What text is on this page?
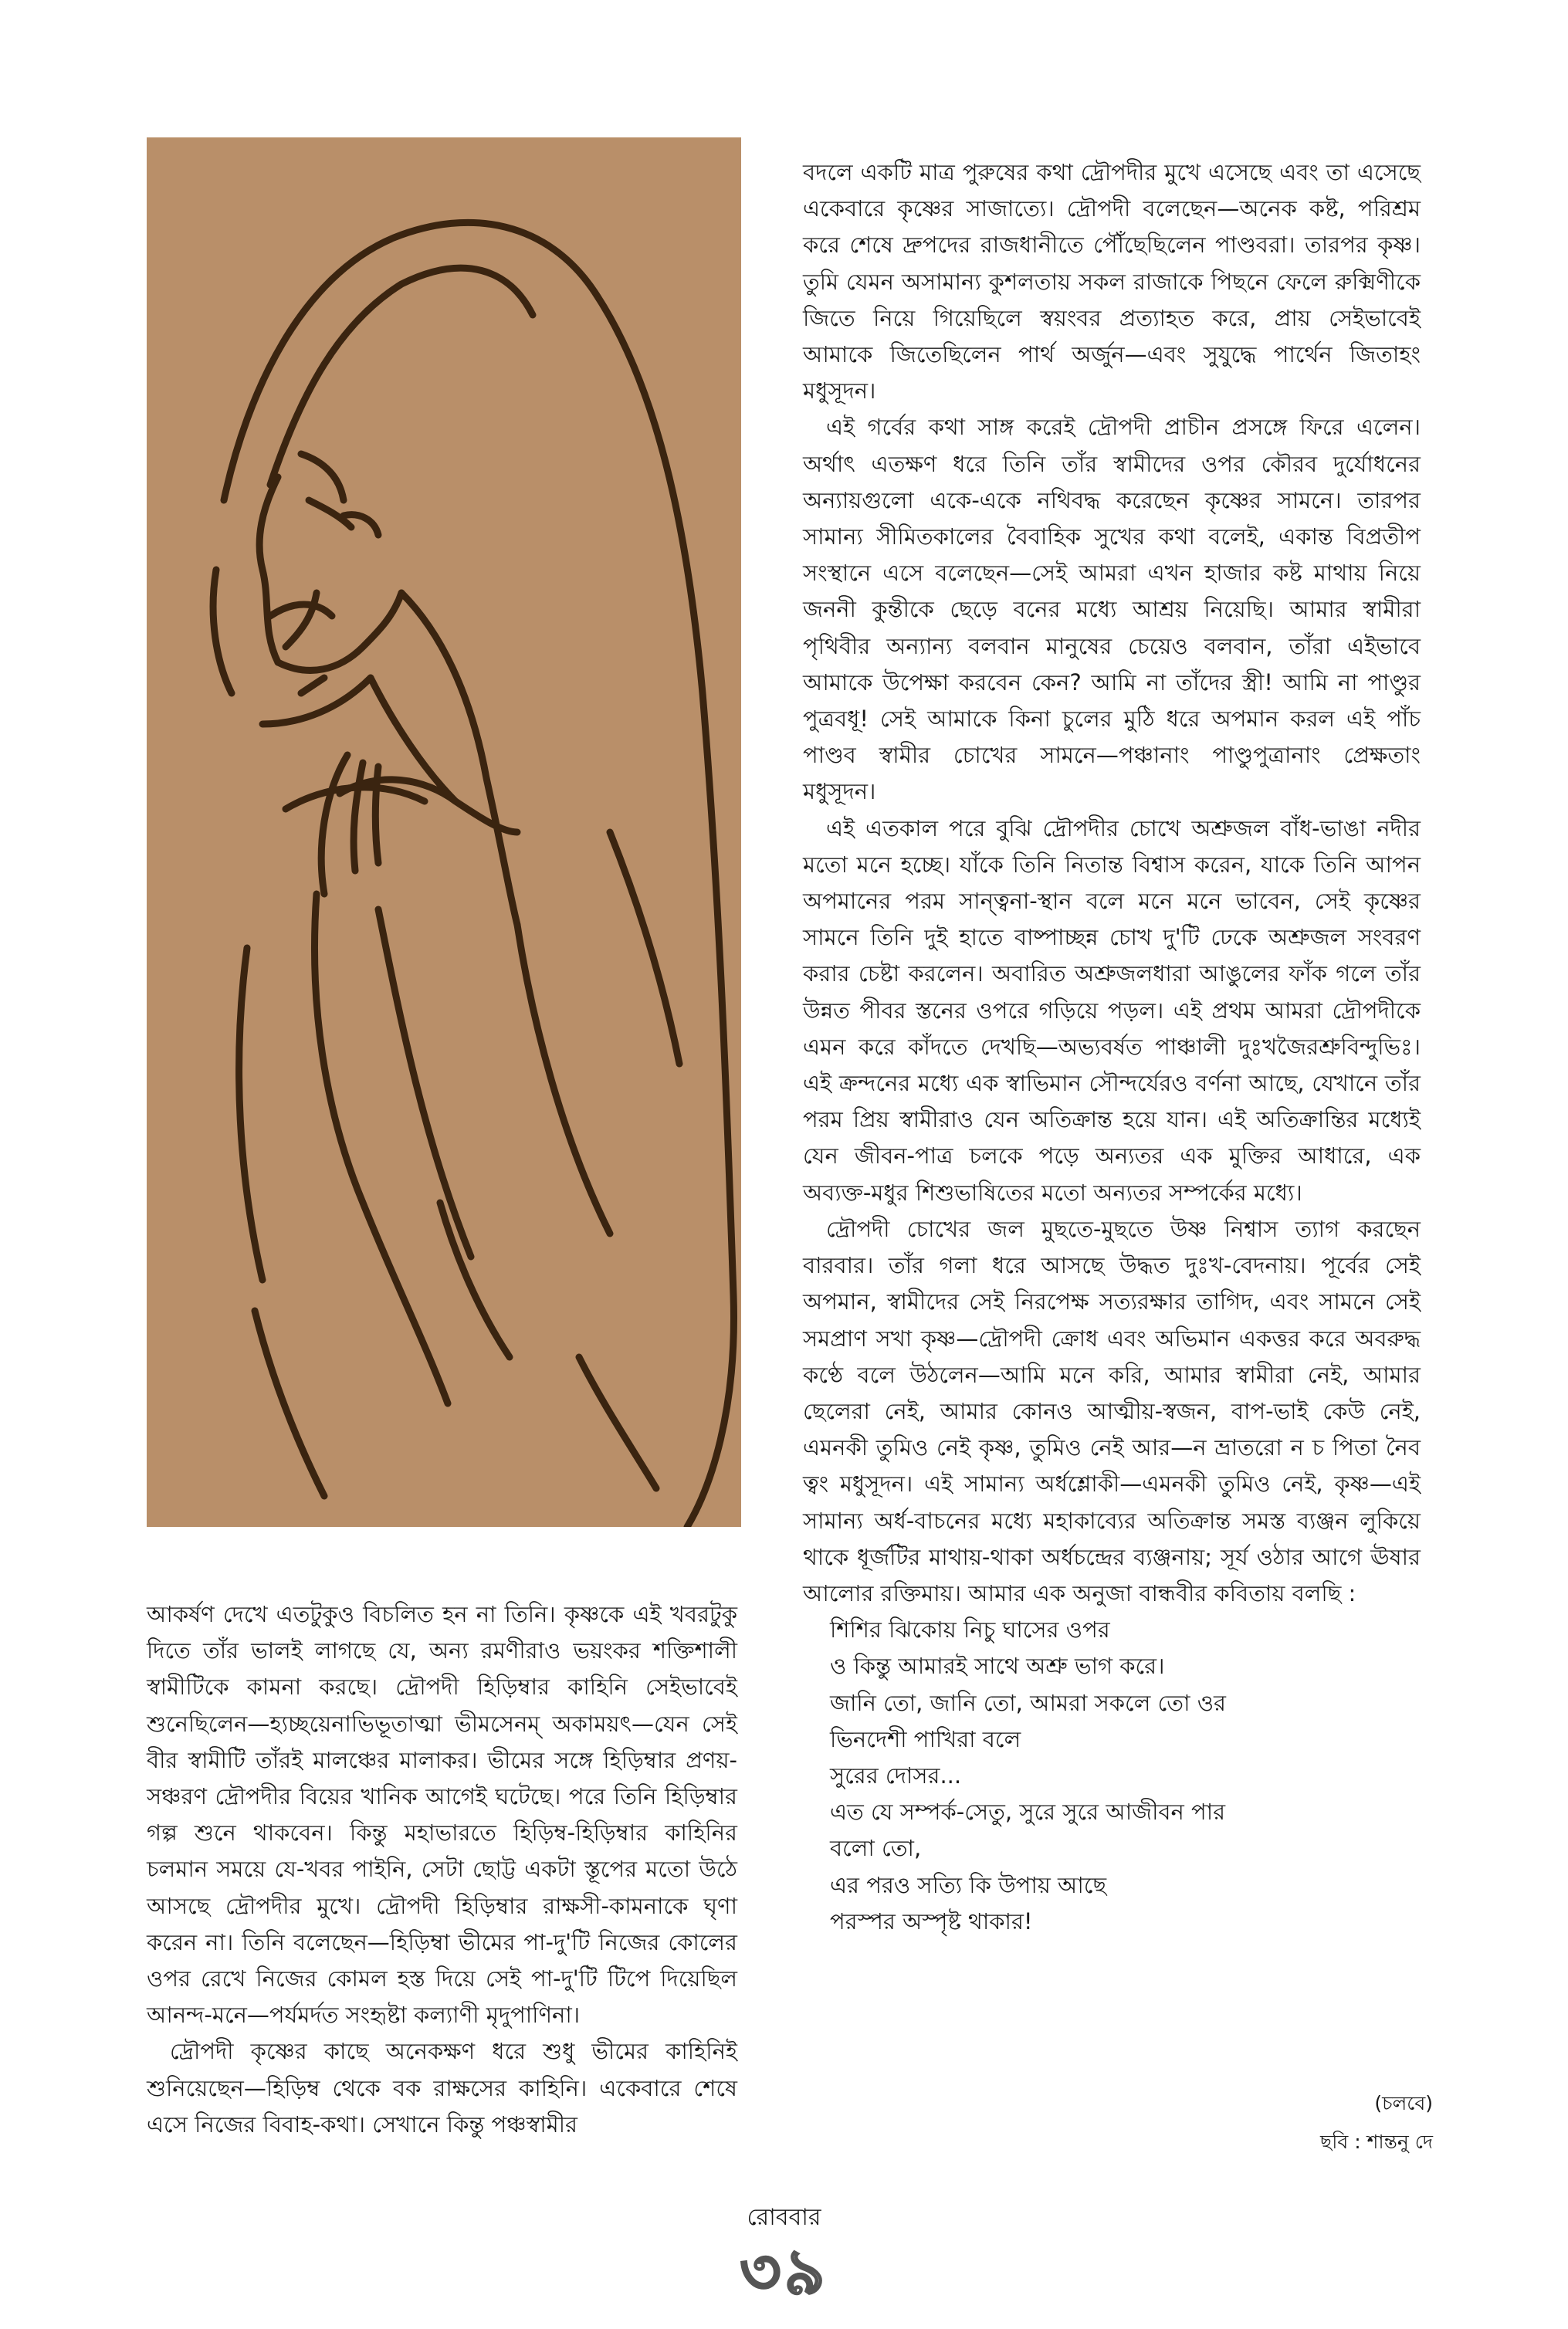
আকর্ষণ দেখে এতটুকুও বিচলিত হন না তিনি। কৃষ্ণকে এই খবরটুকু দিতে তাঁর ভালই লাগছে যে, অন্য রমণীরাও ভয়ংকর শক্তিশালী স্বামীটিকে কামনা করছে। দ্রৌপদী হিড়িম্বার কাহিনি সেইভাবেই শুনেছিলেন—হ্যচ্ছয়েনাভিভূতাত্মা ভীমসেনম্‌ অকাময়ৎ—যেন সেই বীর স্বামীটি তাঁরই মালঞ্চের মালাকর। ভীমের সঙ্গে হিড়িম্বার প্রণয়-সঞ্চরণ দ্রৌপদীর বিয়ের খানিক আগেই ঘটেছে। পরে তিনি হিড়িম্বার গল্প শুনে থাকবেন। কিন্তু মহাভারতে হিড়িম্ব-হিড়িম্বার কাহিনির চলমান সময়ে যে-খবর পাইনি, সেটা ছোট্ট একটা স্তূপের মতো উঠে আসছে দ্রৌপদীর মুখে। দ্রৌপদী হিড়িম্বার রাক্ষসী-কামনাকে ঘৃণা করেন না। তিনি বলেছেন—হিড়িম্বা ভীমের পা-দু'টি নিজের কোলের ওপর রেখে নিজের কোমল হস্ত দিয়ে সেই পা-দু'টি টিপে দিয়েছিল আনন্দ-মনে—পর্যমর্দত সংহৃষ্টা কল্যাণী মৃদুপাণিনা।

দ্রৌপদী কৃষ্ণের কাছে অনেকক্ষণ ধরে শুধু ভীমের কাহিনিই শুনিয়েছেন—হিড়িম্ব থেকে বক রাক্ষসের কাহিনি। একেবারে শেষে এসে নিজের বিবাহ-কথা। সেখানে কিন্তু পঞ্চস্বামীর

বদলে একটি মাত্র পুরুষের কথা দ্রৌপদীর মুখে এসেছে এবং তা এসেছে একেবারে কৃষ্ণের সাজাত্যে। দ্রৌপদী বলেছেন—অনেক কষ্ট, পরিশ্রম করে শেষে দ্রুপদের রাজধানীতে পৌঁছেছিলেন পাণ্ডবরা। তারপর কৃষ্ণ। তুমি যেমন অসামান্য কুশলতায় সকল রাজাকে পিছনে ফেলে রুক্মিণীকে জিতে নিয়ে গিয়েছিলে স্বয়ংবর প্রত্যাহত করে, প্রায় সেইভাবেই আমাকে জিতেছিলেন পার্থ অর্জুন—এবং সুযুদ্ধে পার্থেন জিতাহং মধুসূদন।

এই গর্বের কথা সাঙ্গ করেই দ্রৌপদী প্রাচীন প্রসঙ্গে ফিরে এলেন। অর্থাৎ এতক্ষণ ধরে তিনি তাঁর স্বামীদের ওপর কৌরব দুর্যোধনের অন্যায়গুলো একে-একে নথিবদ্ধ করেছেন কৃষ্ণের সামনে। তারপর সামান্য সীমিতকালের বৈবাহিক সুখের কথা বলেই, একান্ত বিপ্রতীপ সংস্থানে এসে বলেছেন—সেই আমরা এখন হাজার কষ্ট মাথায় নিয়ে জননী কুন্তীকে ছেড়ে বনের মধ্যে আশ্রয় নিয়েছি। আমার স্বামীরা পৃথিবীর অন্যান্য বলবান মানুষের চেয়েও বলবান, তাঁরা এইভাবে আমাকে উপেক্ষা করবেন কেন? আমি না তাঁদের স্ত্রী! আমি না পাণ্ডুর পুত্রবধূ! সেই আমাকে কিনা চুলের মুঠি ধরে অপমান করল এই পাঁচ পাণ্ডব স্বামীর চোখের সামনে—পঞ্চানাং পাণ্ডুপুত্রানাং প্রেক্ষতাং মধুসূদন।

এই এতকাল পরে বুঝি দ্রৌপদীর চোখে অশ্রুজল বাঁধ-ভাঙা নদীর মতো মনে হচ্ছে। যাঁকে তিনি নিতান্ত বিশ্বাস করেন, যাকে তিনি আপন অপমানের পরম সান্ত্বনা-স্থান বলে মনে মনে ভাবেন, সেই কৃষ্ণের সামনে তিনি দুই হাতে বাষ্পাচ্ছন্ন চোখ দু'টি ঢেকে অশ্রুজল সংবরণ করার চেষ্টা করলেন। অবারিত অশ্রুজলধারা আঙুলের ফাঁক গলে তাঁর উন্নত পীবর স্তনের ওপরে গড়িয়ে পড়ল। এই প্রথম আমরা দ্রৌপদীকে এমন করে কাঁদতে দেখছি—অভ্যবর্ষত পাঞ্চালী দুঃখজৈরশ্রুবিন্দুভিঃ। এই ক্রন্দনের মধ্যে এক স্বাভিমান সৌন্দর্যেরও বর্ণনা আছে, যেখানে তাঁর পরম প্রিয় স্বামীরাও যেন অতিক্রান্ত হয়ে যান। এই অতিক্রান্তির মধ্যেই যেন জীবন-পাত্র চলকে পড়ে অন্যতর এক মুক্তির আধারে, এক অব্যক্ত-মধুর শিশুভাষিতের মতো অন্যতর সম্পর্কের মধ্যে।

দ্রৌপদী চোখের জল মুছতে-মুছতে উষ্ণ নিশ্বাস ত্যাগ করছেন বারবার। তাঁর গলা ধরে আসছে উদ্ধত দুঃখ-বেদনায়। পূর্বের সেই অপমান, স্বামীদের সেই নিরপেক্ষ সত্যরক্ষার তাগিদ, এবং সামনে সেই সমপ্রাণ সখা কৃষ্ণ—দ্রৌপদী ক্রোধ এবং অভিমান একত্তর করে অবরুদ্ধ কণ্ঠে বলে উঠলেন—আমি মনে করি, আমার স্বামীরা নেই, আমার ছেলেরা নেই, আমার কোনও আত্মীয়-স্বজন, বাপ-ভাই কেউ নেই, এমনকী তুমিও নেই কৃষ্ণ, তুমিও নেই আর—ন ভ্রাতরো ন চ পিতা নৈব ত্বং মধুসূদন। এই সামান্য অর্ধশ্লোকী—এমনকী তুমিও নেই, কৃষ্ণ—এই সামান্য অর্ধ-বাচনের মধ্যে মহাকাব্যের অতিক্রান্ত সমস্ত ব্যঞ্জন লুকিয়ে থাকে ধূর্জটির মাথায়-থাকা অর্ধচন্দ্রের ব্যঞ্জনায়; সূর্য ওঠার আগে ঊষার আলোর রক্তিমায়। আমার এক অনুজা বান্ধবীর কবিতায় বলছি :

শিশির ঝিকোয় নিচু ঘাসের ওপর
ও কিন্তু আমারই সাথে অশ্রু ভাগ করে।
জানি তো, জানি তো, আমরা সকলে তো ওর
ভিনদেশী পাখিরা বলে
সুরের দোসর...
এত যে সম্পর্ক-সেতু, সুরে সুরে আজীবন পার
বলো তো,
এর পরও সত্যি কি উপায় আছে
পরস্পর অস্পৃষ্ট থাকার!
(চলবে)
ছবি : শান্তনু দে
রোববার
৩৯
